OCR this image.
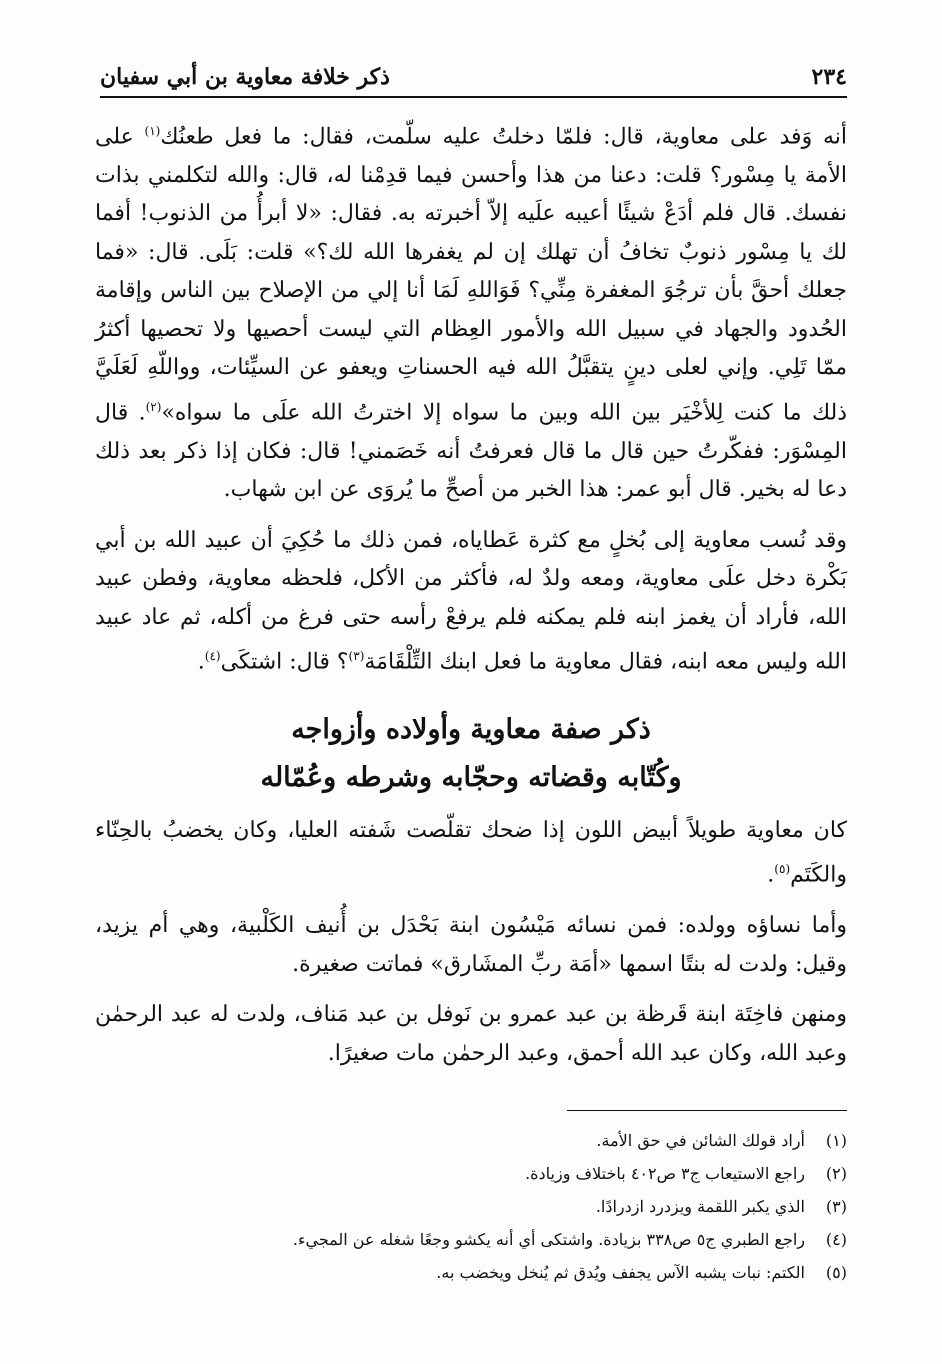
٢٣٤
ذكر خلافة معاوية بن أبي سفيان

أنه وَفد على معاوية، قال: فلمّا دخلتُ عليه سلّمت، فقال: ما فعل طعنُك$^{(١)}$ على الأمة يا مِسْور؟ قلت: دعنا من هذا وأحسن فيما قدِمْنا له، قال: والله لتكلمني بذات نفسك. قال فلم أدَعْ شيئًا أعيبه علَيه إلاّ أخبرته به. فقال: «لا أبرأُ من الذنوب! أفما لك يا مِسْور ذنوبٌ تخافُ أن تهلك إن لم يغفرها الله لك؟» قلت: بَلَى. قال: «فما جعلك أحقَّ بأن ترجُوَ المغفرة مِنِّي؟ فَوَاللهِ لَمَا أنا إلي من الإصلاح بين الناس وإقامة الحُدود والجهاد في سبيل الله والأمور العِظام التي ليست أحصيها ولا تحصيها أكثرُ ممّا تَلِي. وإني لعلى دينٍ يتقبَّلُ الله فيه الحسناتِ ويعفو عن السيِّئات، وواللّهِ لَعَلَيَّ ذلك ما كنت لِلأخْيَر بين الله وبين ما سواه إلا اخترتُ الله علَى ما سواه»$^{(٢)}$. قال المِسْوَر: ففكّرتُ حين قال ما قال فعرفتُ أنه خَصَمني! قال: فكان إذا ذكر بعد ذلك دعا له بخير. قال أبو عمر: هذا الخبر من أصحِّ ما يُروَى عن ابن شهاب.

وقد نُسب معاوية إلى بُخلٍ مع كثرة عَطاياه، فمن ذلك ما حُكِيَ أن عبيد الله بن أبي بَكْرة دخل علَى معاوية، ومعه ولدٌ له، فأكثر من الأكل، فلحظه معاوية، وفطن عبيد الله، فأراد أن يغمز ابنه فلم يمكنه فلم يرفعْ رأسه حتى فرغ من أكله، ثم عاد عبيد الله وليس معه ابنه، فقال معاوية ما فعل ابنك التِّلْقَامَة$^{(٣)}$؟ قال: اشتكَى$^{(٤)}$.

ذكر صفة معاوية وأولاده وأزواجه
وكُتّابه وقضاته وحجّابه وشرطه وعُمّاله

كان معاوية طويلاً أبيض اللون إذا ضحك تقلّصت شَفته العليا، وكان يخضبُ بالحِنّاء والكَتَم$^{(٥)}$.

وأما نساؤه وولده: فمن نسائه مَيْسُون ابنة بَحْدَل بن أُنيف الكَلْبية، وهي أم يزيد، وقيل: ولدت له بنتًا اسمها «أمَة ربِّ المشَارق» فماتت صغيرة.

ومنهن فاخِتَة ابنة قَرظة بن عبد عمرو بن نَوفل بن عبد مَناف، ولدت له عبد الرحمٰن وعبد الله، وكان عبد الله أحمق، وعبد الرحمٰن مات صغيرًا.

(١)
أراد قولك الشائن في حق الأمة.
(٢)
راجع الاستيعاب ج٣ ص٤٠٢ باختلاف وزيادة.
(٣)
الذي يكبر اللقمة ويزدرد ازدرادًا.
(٤)
راجع الطبري ج٥ ص٣٣٨ بزيادة. واشتكى أي أنه يكشو وجعًا شغله عن المجيء.
(٥)
الكتم: نبات يشبه الآس يجفف ويُدق ثم يُنخل ويخضب به.
